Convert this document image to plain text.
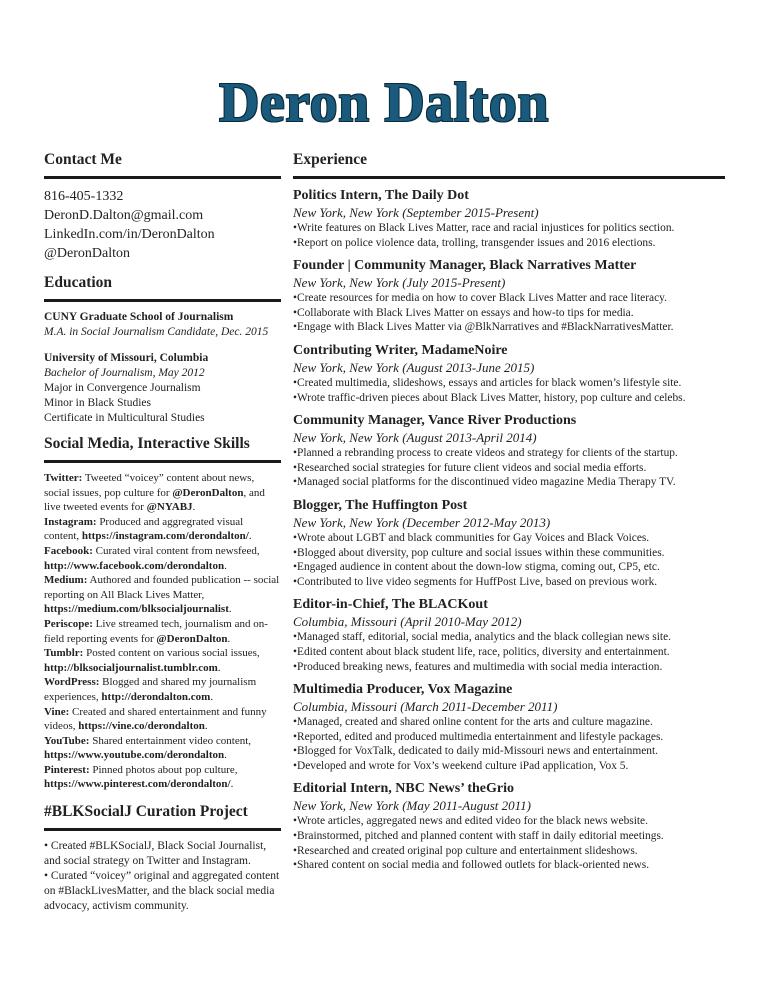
Deron Dalton
Contact Me

816-405-1332

DeronD.Dalton@gmail.com

LinkedIn.com/in/DeronDalton

@DeronDalton

Education
CUNY Graduate School of Journalism
M.A. in Social Journalism Candidate, Dec. 2015
University of Missouri, Columbia
Bachelor of Journalism, May 2012
Major in Convergence Journalism
Minor in Black Studies
Certificate in Multicultural Studies
Social Media, Interactive Skills
Twitter: Tweeted “voicey” content about news, social issues, pop culture for @DeronDalton, and live tweeted events for @NYABJ.
Instagram: Produced and aggregrated visual content, https://instagram.com/derondalton/.
Facebook: Curated viral content from newsfeed, http://www.facebook.com/derondalton.
Medium: Authored and founded publication -- social reporting on All Black Lives Matter, https://medium.com/blksocialjournalist.
Periscope: Live streamed tech, journalism and on-field reporting events for @DeronDalton.
Tumblr: Posted content on various social issues, http://blksocialjournalist.tumblr.com.
WordPress: Blogged and shared my journalism experiences, http://derondalton.com.
Vine: Created and shared entertainment and funny videos, https://vine.co/derondalton.
YouTube: Shared entertainment video content, https://www.youtube.com/derondalton.
Pinterest: Pinned photos about pop culture, https://www.pinterest.com/derondalton/.
#BLKSocialJ Curation Project
• Created #BLKSocialJ, Black Social Journalist, and social strategy on Twitter and Instagram.
• Curated “voicey” original and aggregated content on #BlackLivesMatter, and the black social media advocacy, activism community.
Experience
Politics Intern, The Daily Dot
New York, New York (September 2015-Present)
• Write features on Black Lives Matter, race and racial injustices for politics section.
• Report on police violence data, trolling, transgender issues and 2016 elections.
Founder | Community Manager, Black Narratives Matter
New York, New York (July 2015-Present)
• Create resources for media on how to cover Black Lives Matter and race literacy.
• Collaborate with Black Lives Matter on essays and how-to tips for media.
• Engage with Black Lives Matter via @BlkNarratives and #BlackNarrativesMatter.
Contributing Writer, MadameNoire
New York, New York (August 2013-June 2015)
• Created multimedia, slideshows, essays and articles for black women’s lifestyle site.
• Wrote traffic-driven pieces about Black Lives Matter, history, pop culture and celebs.
Community Manager, Vance River Productions
New York, New York (August 2013-April 2014)
• Planned a rebranding process to create videos and strategy for clients of the startup.
• Researched social strategies for future client videos and social media efforts.
• Managed social platforms for the discontinued video magazine Media Therapy TV.
Blogger, The Huffington Post
New York, New York (December 2012-May 2013)
• Wrote about LGBT and black communities for Gay Voices and Black Voices.
• Blogged about diversity, pop culture and social issues within these communities.
• Engaged audience in content about the down-low stigma, coming out, CP5, etc.
• Contributed to live video segments for HuffPost Live, based on previous work.
Editor-in-Chief, The BLACKout
Columbia, Missouri (April 2010-May 2012)
• Managed staff, editorial, social media, analytics and the black collegian news site.
• Edited content about black student life, race, politics, diversity and entertainment.
• Produced breaking news, features and multimedia with social media interaction.
Multimedia Producer, Vox Magazine
Columbia, Missouri (March 2011-December 2011)
• Managed, created and shared online content for the arts and culture magazine.
• Reported, edited and produced multimedia entertainment and lifestyle packages.
• Blogged for VoxTalk, dedicated to daily mid-Missouri news and entertainment.
• Developed and wrote for Vox’s weekend culture iPad application, Vox 5.
Editorial Intern, NBC News’ theGrio
New York, New York (May 2011-August 2011)
• Wrote articles, aggregated news and edited video for the black news website.
• Brainstormed, pitched and planned content with staff in daily editorial meetings.
• Researched and created original pop culture and entertainment slideshows.
• Shared content on social media and followed outlets for black-oriented news.
